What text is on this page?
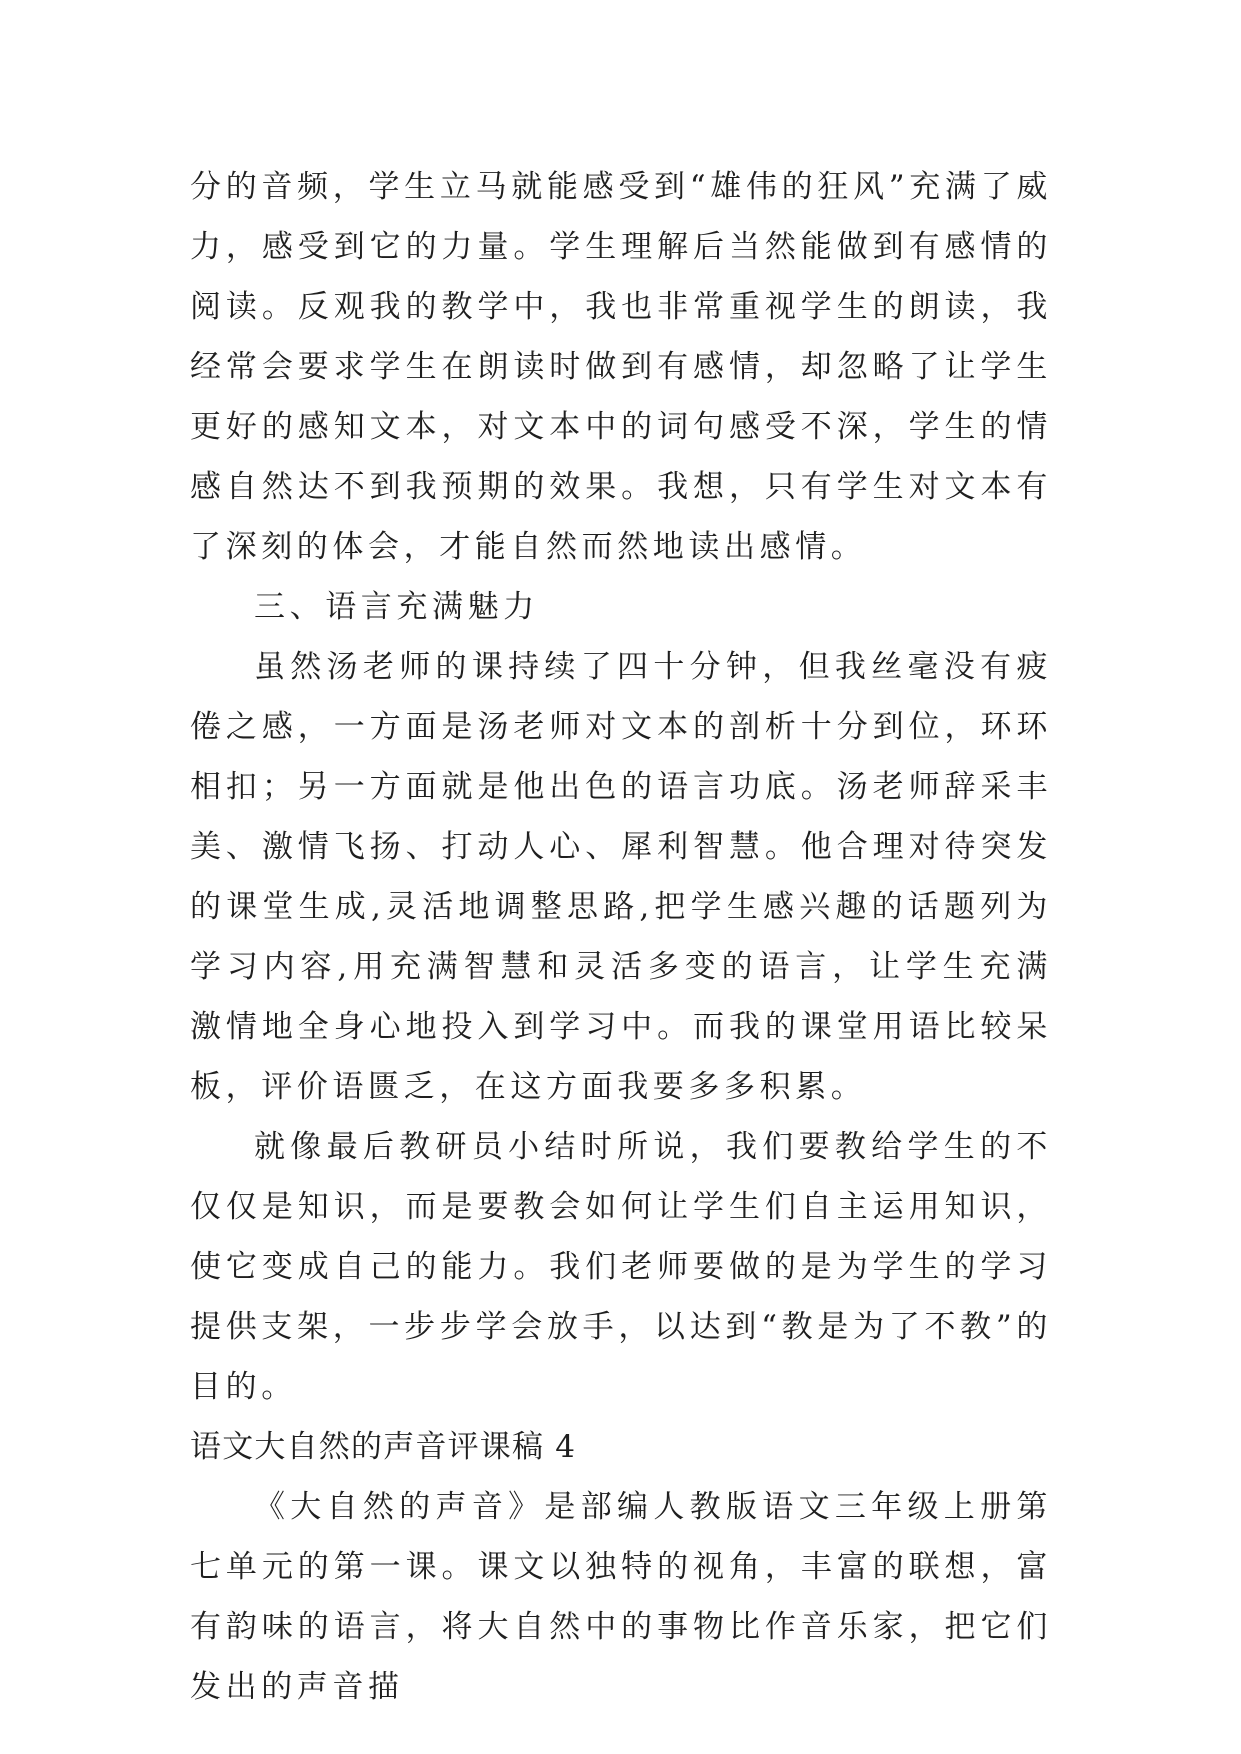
分的音频，学生立马就能感受到“雄伟的狂风”充满了威力，感受到它的力量。学生理解后当然能做到有感情的阅读。反观我的教学中，我也非常重视学生的朗读，我经常会要求学生在朗读时做到有感情，却忽略了让学生更好的感知文本，对文本中的词句感受不深，学生的情感自然达不到我预期的效果。我想，只有学生对文本有了深刻的体会，才能自然而然地读出感情。

三、语言充满魅力

虽然汤老师的课持续了四十分钟，但我丝毫没有疲倦之感，一方面是汤老师对文本的剖析十分到位，环环相扣；另一方面就是他出色的语言功底。汤老师辞采丰美、激情飞扬、打动人心、犀利智慧。他合理对待突发的课堂生成,灵活地调整思路,把学生感兴趣的话题列为学习内容,用充满智慧和灵活多变的语言，让学生充满激情地全身心地投入到学习中。而我的课堂用语比较呆板，评价语匮乏，在这方面我要多多积累。

就像最后教研员小结时所说，我们要教给学生的不仅仅是知识，而是要教会如何让学生们自主运用知识，使它变成自己的能力。我们老师要做的是为学生的学习提供支架，一步步学会放手，以达到“教是为了不教”的目的。

语文大自然的声音评课稿 4

《大自然的声音》是部编人教版语文三年级上册第七单元的第一课。课文以独特的视角，丰富的联想，富有韵味的语言，将大自然中的事物比作音乐家，把它们发出的声音描
